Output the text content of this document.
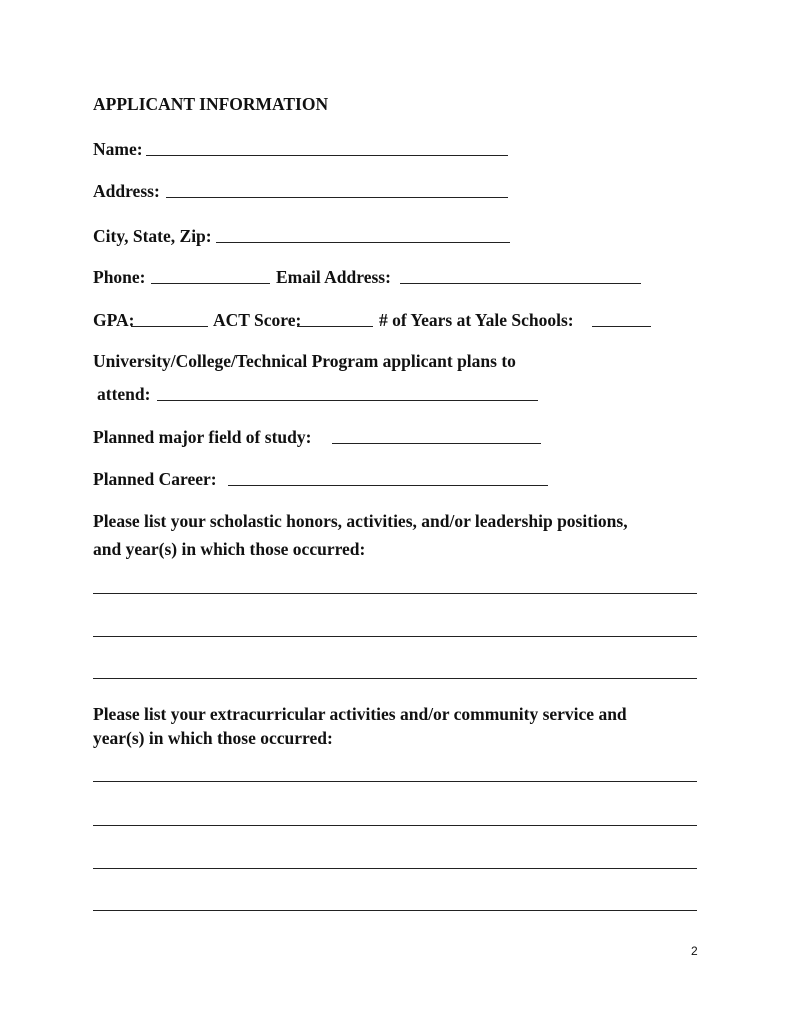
APPLICANT INFORMATION
Name:
Address:
City, State, Zip:
Phone:	Email Address:
GPA:	ACT Score:	# of Years at Yale Schools:
University/College/Technical Program applicant plans to
attend:
Planned major field of study:
Planned Career:
Please list your scholastic honors, activities, and/or leadership positions,
and year(s) in which those occurred:
Please list your extracurricular activities and/or community service and
year(s) in which those occurred:
2
